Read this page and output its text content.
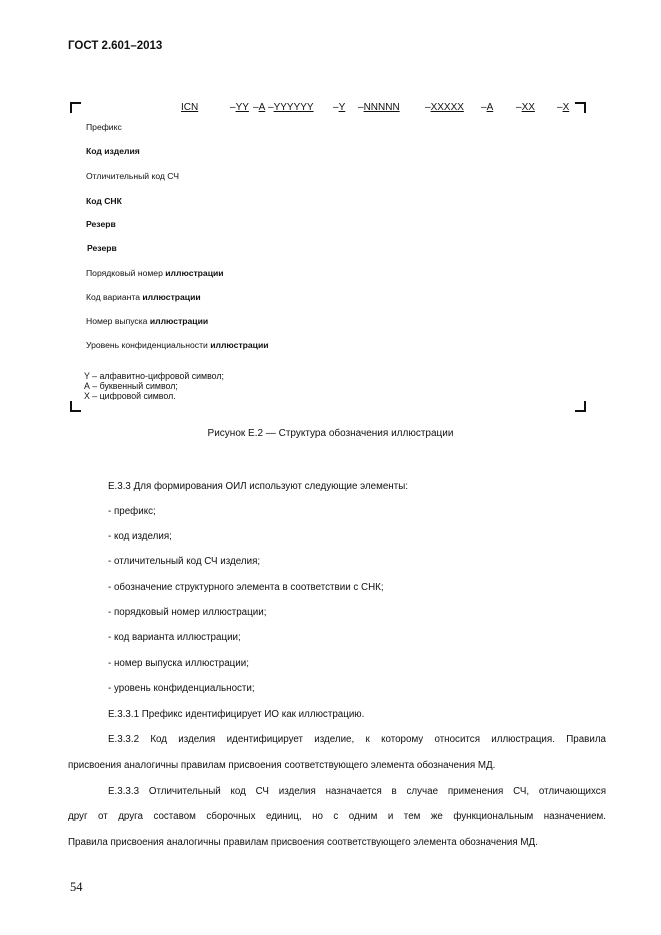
ГОСТ 2.601–2013
ICN	–YY –A –YYYYYY –Y –NNNNN	–XXXXX –A –XX –X
Префикс
Код изделия
Отличительный код СЧ
Код СНК
Резерв
Резерв
Порядковый номер иллюстрации
Код варианта иллюстрации
Номер выпуска иллюстрации
Уровень конфиденциальности иллюстрации
Y – алфавитно-цифровой символ;
А – буквенный символ;
X – цифровой символ.
Рисунок Е.2 — Структура обозначения иллюстрации
Е.3.3 Для формирования ОИЛ используют следующие элементы:
- префикс;
- код изделия;
- отличительный код СЧ изделия;
- обозначение структурного элемента в соответствии с СНК;
- порядковый номер иллюстрации;
- код варианта иллюстрации;
- номер выпуска иллюстрации;
- уровень конфиденциальности;
Е.3.3.1 Префикс идентифицирует ИО как иллюстрацию.
Е.3.3.2 Код изделия идентифицирует изделие, к которому относится иллюстрация. Правила
присвоения аналогичны правилам присвоения соответствующего элемента обозначения МД.
Е.3.3.3 Отличительный код СЧ изделия назначается в случае применения СЧ, отличающихся
друг от друга составом сборочных единиц, но с одним и тем же функциональным назначением.
Правила присвоения аналогичны правилам присвоения соответствующего элемента обозначения МД.
54
